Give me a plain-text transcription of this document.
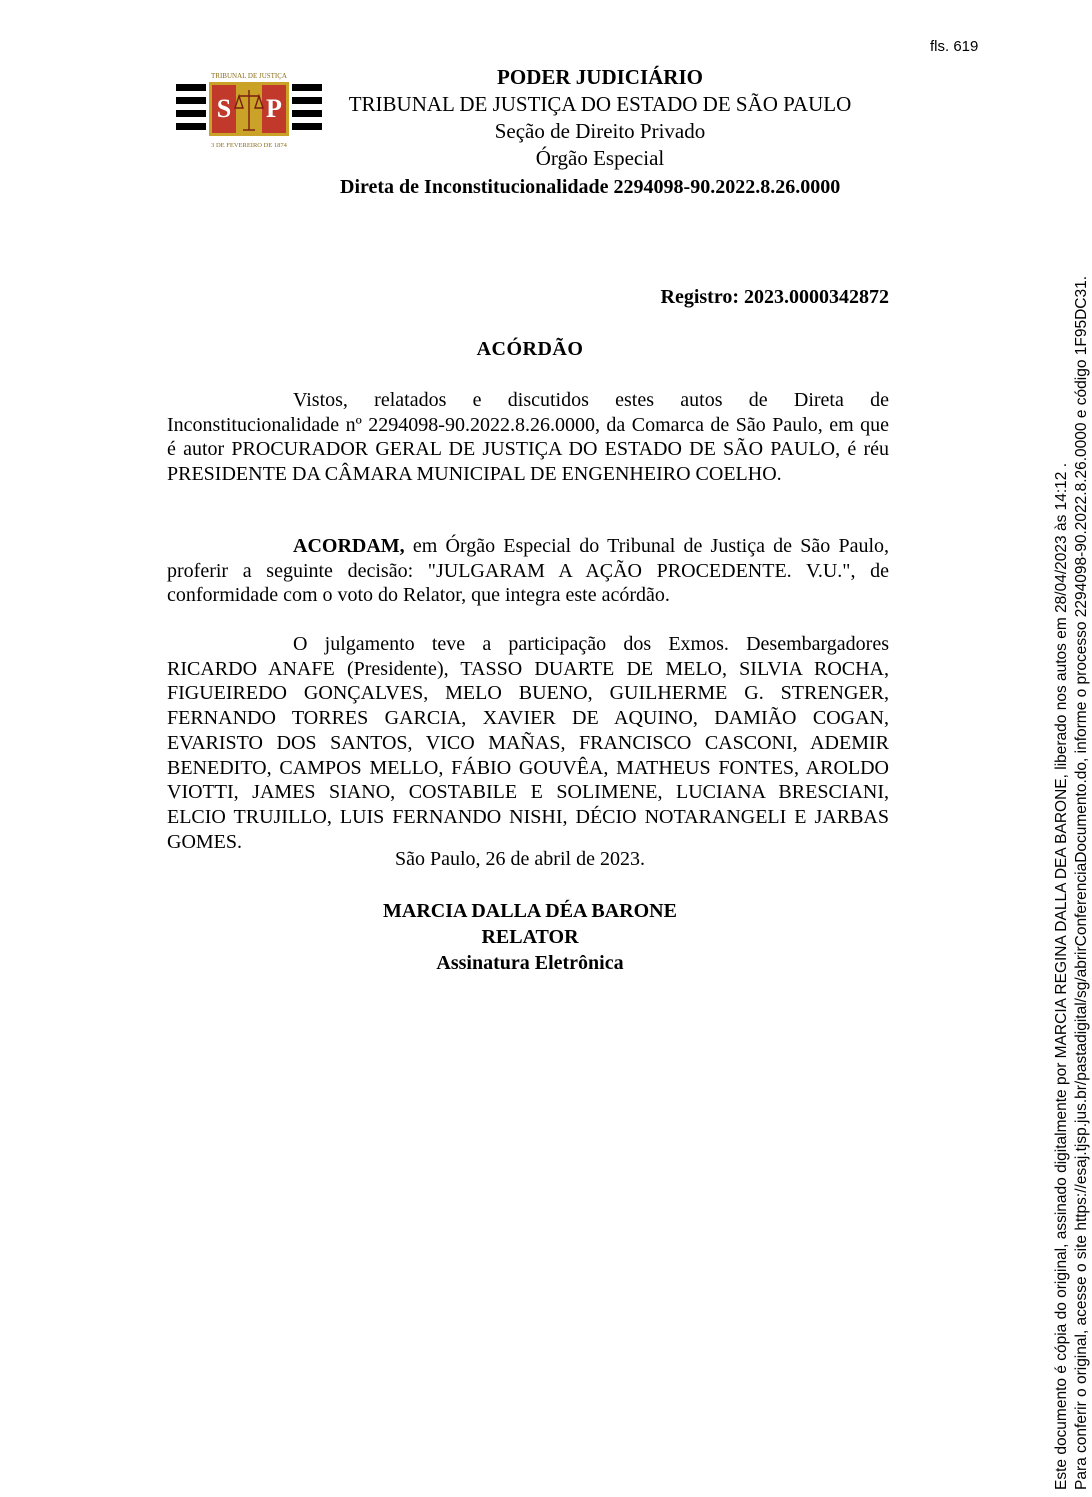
fls. 619
TRIBUNAL DE JUSTIÇA
S P
3 DE FEVEREIRO DE 1874
PODER JUDICIÁRIO
TRIBUNAL DE JUSTIÇA DO ESTADO DE SÃO PAULO
Seção de Direito Privado
Órgão Especial
Direta de Inconstitucionalidade 2294098-90.2022.8.26.0000
Registro: 2023.0000342872
ACÓRDÃO
Vistos, relatados e discutidos estes autos de Direta de Inconstitucionalidade nº 2294098-90.2022.8.26.0000, da Comarca de São Paulo, em que é autor PROCURADOR GERAL DE JUSTIÇA DO ESTADO DE SÃO PAULO, é réu PRESIDENTE DA CÂMARA MUNICIPAL DE ENGENHEIRO COELHO.
ACORDAM, em Órgão Especial do Tribunal de Justiça de São Paulo, proferir a seguinte decisão: "JULGARAM A AÇÃO PROCEDENTE. V.U.", de conformidade com o voto do Relator, que integra este acórdão.
O julgamento teve a participação dos Exmos. Desembargadores RICARDO ANAFE (Presidente), TASSO DUARTE DE MELO, SILVIA ROCHA, FIGUEIREDO GONÇALVES, MELO BUENO, GUILHERME G. STRENGER, FERNANDO TORRES GARCIA, XAVIER DE AQUINO, DAMIÃO COGAN, EVARISTO DOS SANTOS, VICO MAÑAS, FRANCISCO CASCONI, ADEMIR BENEDITO, CAMPOS MELLO, FÁBIO GOUVÊA, MATHEUS FONTES, AROLDO VIOTTI, JAMES SIANO, COSTABILE E SOLIMENE, LUCIANA BRESCIANI, ELCIO TRUJILLO, LUIS FERNANDO NISHI, DÉCIO NOTARANGELI E JARBAS GOMES.
São Paulo, 26 de abril de 2023.
MARCIA DALLA DÉA BARONE
RELATOR
Assinatura Eletrônica	Este documento é cópia do original, assinado digitalmente por MARCIA REGINA DALLA DEA BARONE, liberado nos autos em 28/04/2023 às 14:12 . Para conferir o original, acesse o site https://esaj.tjsp.jus.br/pastadigital/sg/abrirConferenciaDocumento.do, informe o processo 2294098-90.2022.8.26.0000 e código 1F95DC31.
